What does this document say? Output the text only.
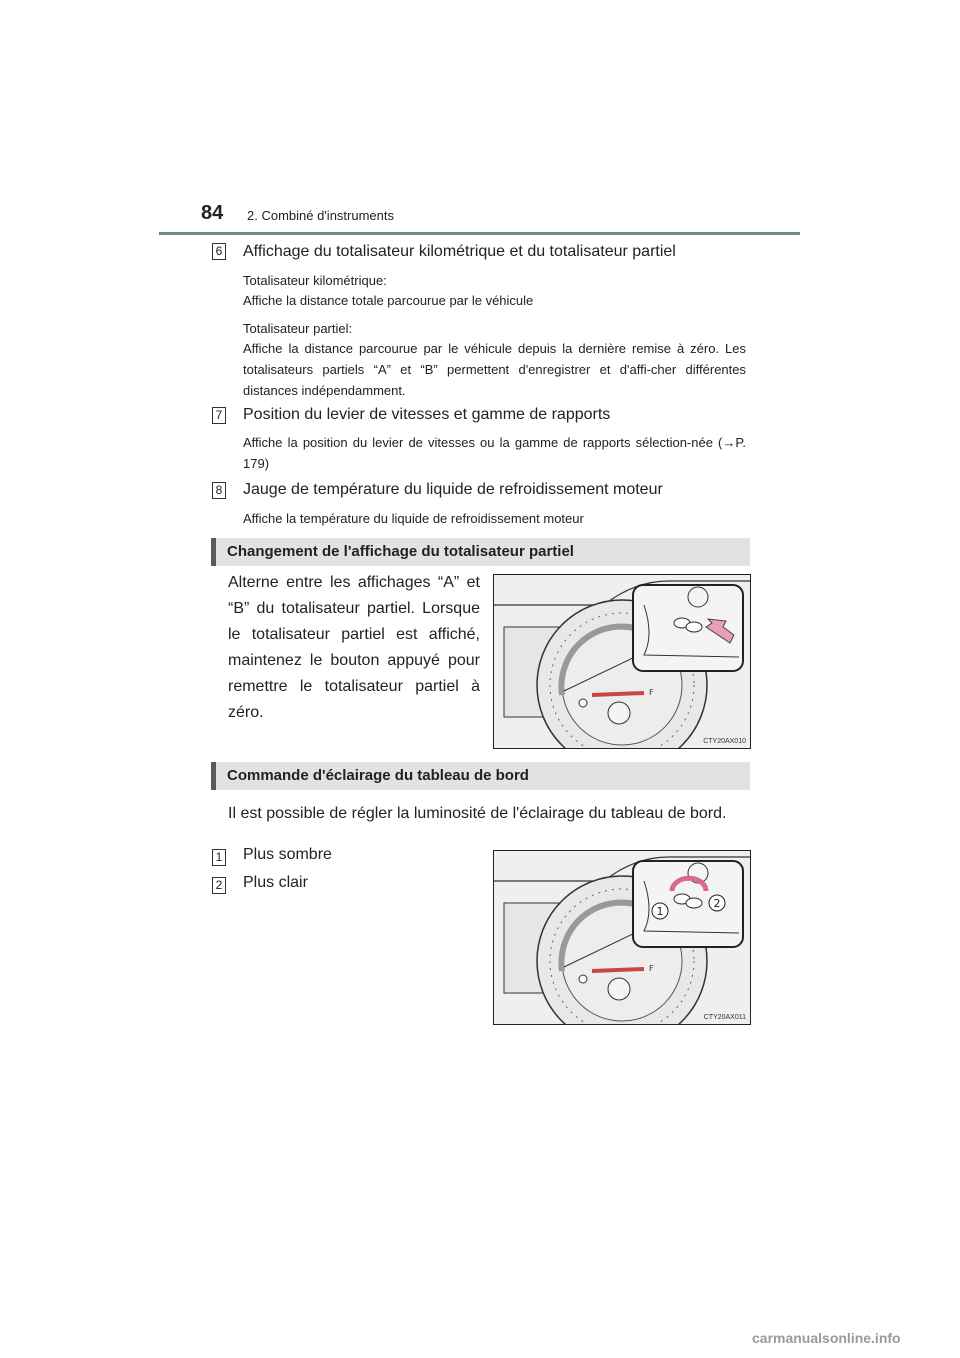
84 2. Combiné d'instruments
6 Affichage du totalisateur kilométrique et du totalisateur partiel
Totalisateur kilométrique:
Affiche la distance totale parcourue par le véhicule
Totalisateur partiel:
Affiche la distance parcourue par le véhicule depuis la dernière remise à zéro. Les totalisateurs partiels “A” et “B” permettent d'enregistrer et d'affi-cher différentes distances indépendamment.
7 Position du levier de vitesses et gamme de rapports
Affiche la position du levier de vitesses ou la gamme de rapports sélection-née (→P. 179)
8 Jauge de température du liquide de refroidissement moteur
Affiche la température du liquide de refroidissement moteur
Changement de l'affichage du totalisateur partiel
Alterne entre les affichages “A” et “B” du totalisateur partiel. Lorsque le totalisateur partiel est affiché, maintenez le bouton appuyé pour remettre le totalisateur partiel à zéro.
F
CTY20AX010
Commande d'éclairage du tableau de bord
Il est possible de régler la luminosité de l'éclairage du tableau de bord.
1 Plus sombre
2 Plus clair
F
1
2
CTY20AX011
carmanualsonline.info
